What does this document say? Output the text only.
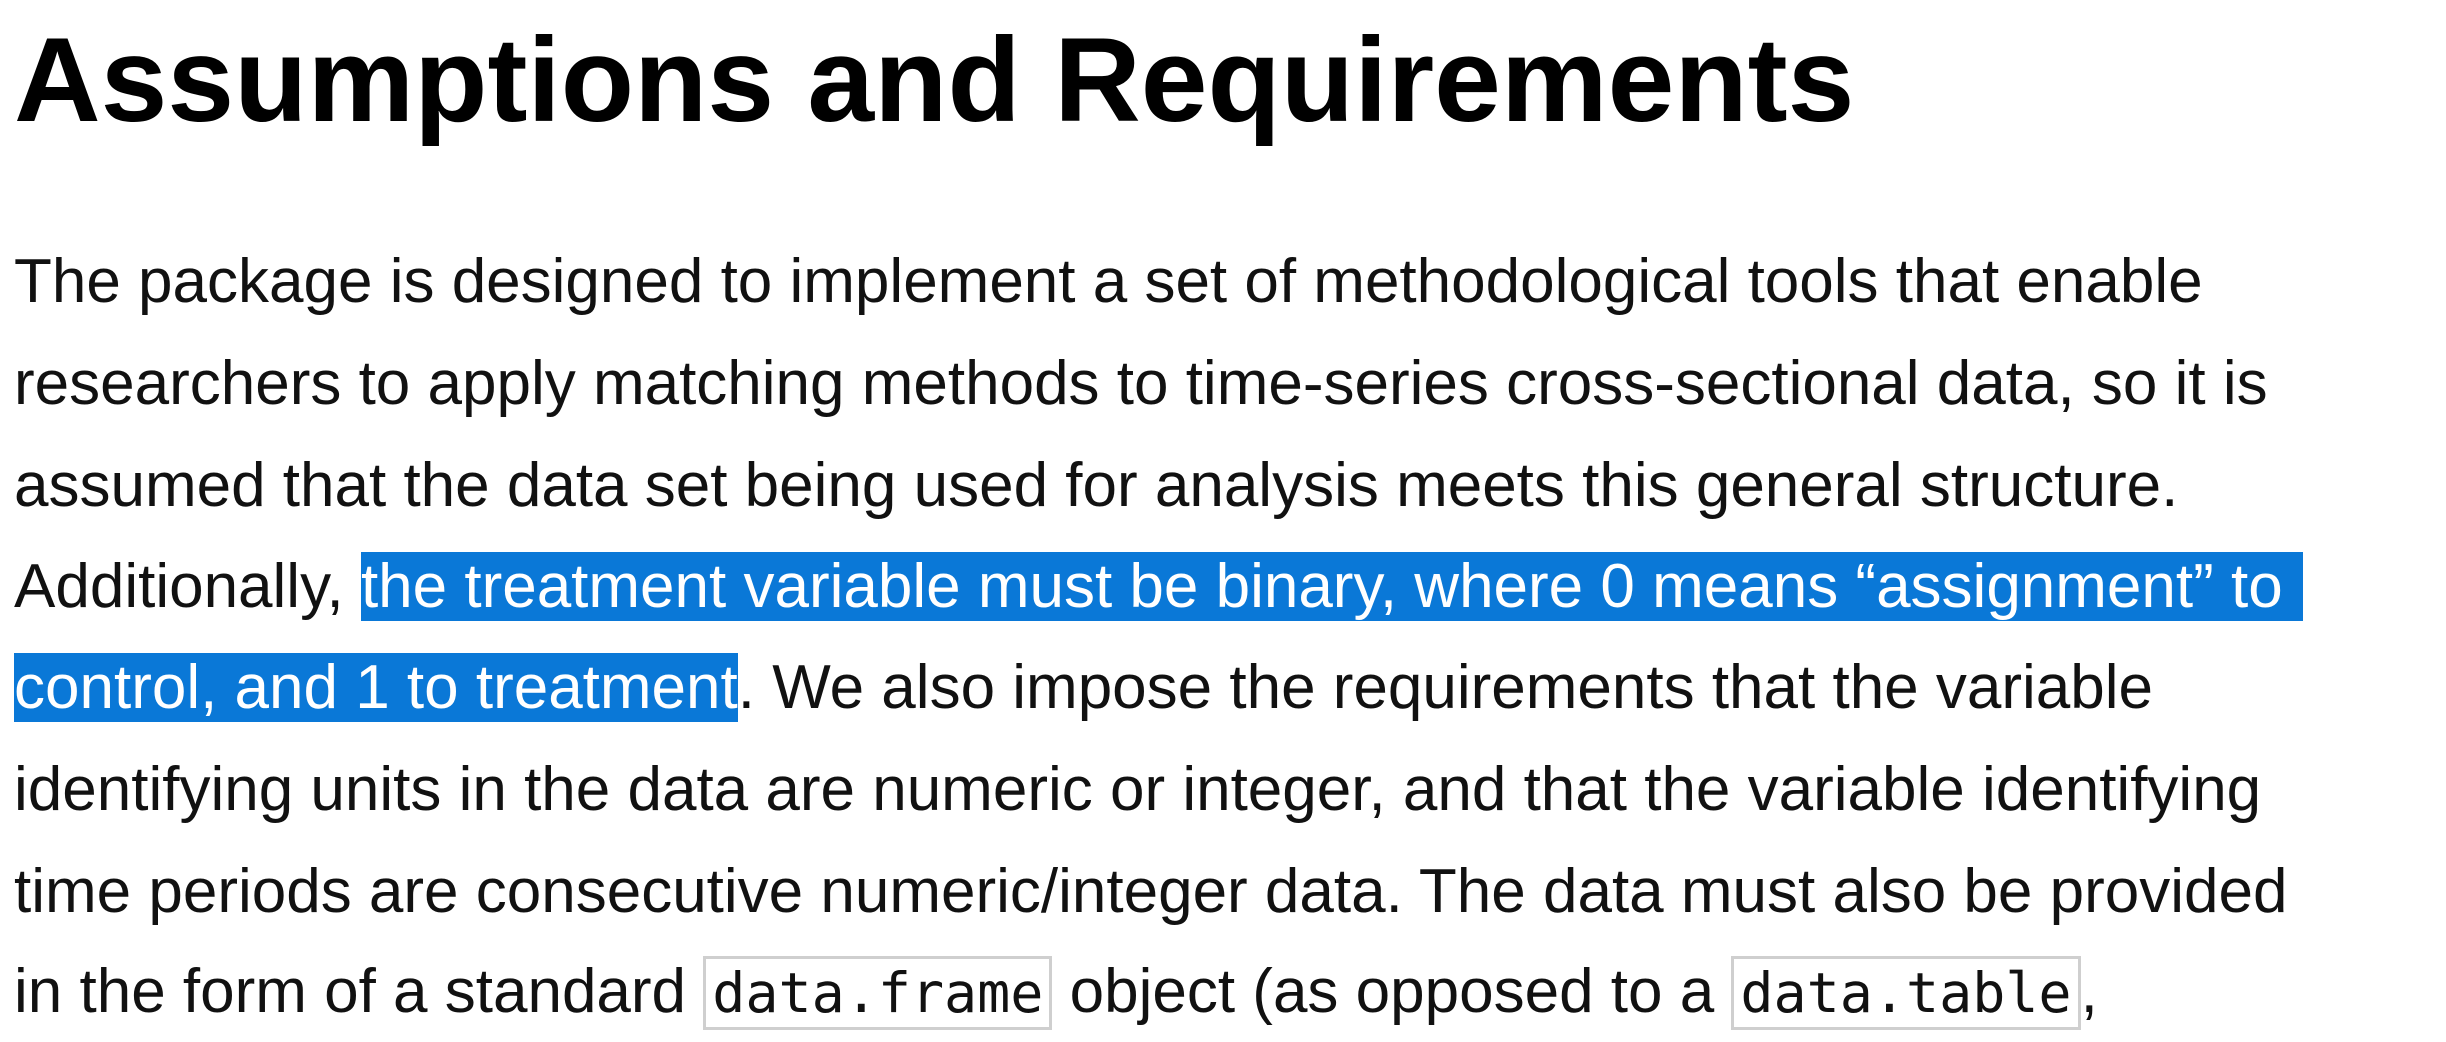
Assumptions and Requirements

The package is designed to implement a set of methodological tools that enable

researchers to apply matching methods to time-series cross-sectional data, so it is

assumed that the data set being used for analysis meets this general structure.

Additionally, the treatment variable must be binary, where 0 means “assignment” to

control, and 1 to treatment. We also impose the requirements that the variable

identifying units in the data are numeric or integer, and that the variable identifying

time periods are consecutive numeric/integer data. The data must also be provided

in the form of a standard data.frame object (as opposed to a data.table ,
